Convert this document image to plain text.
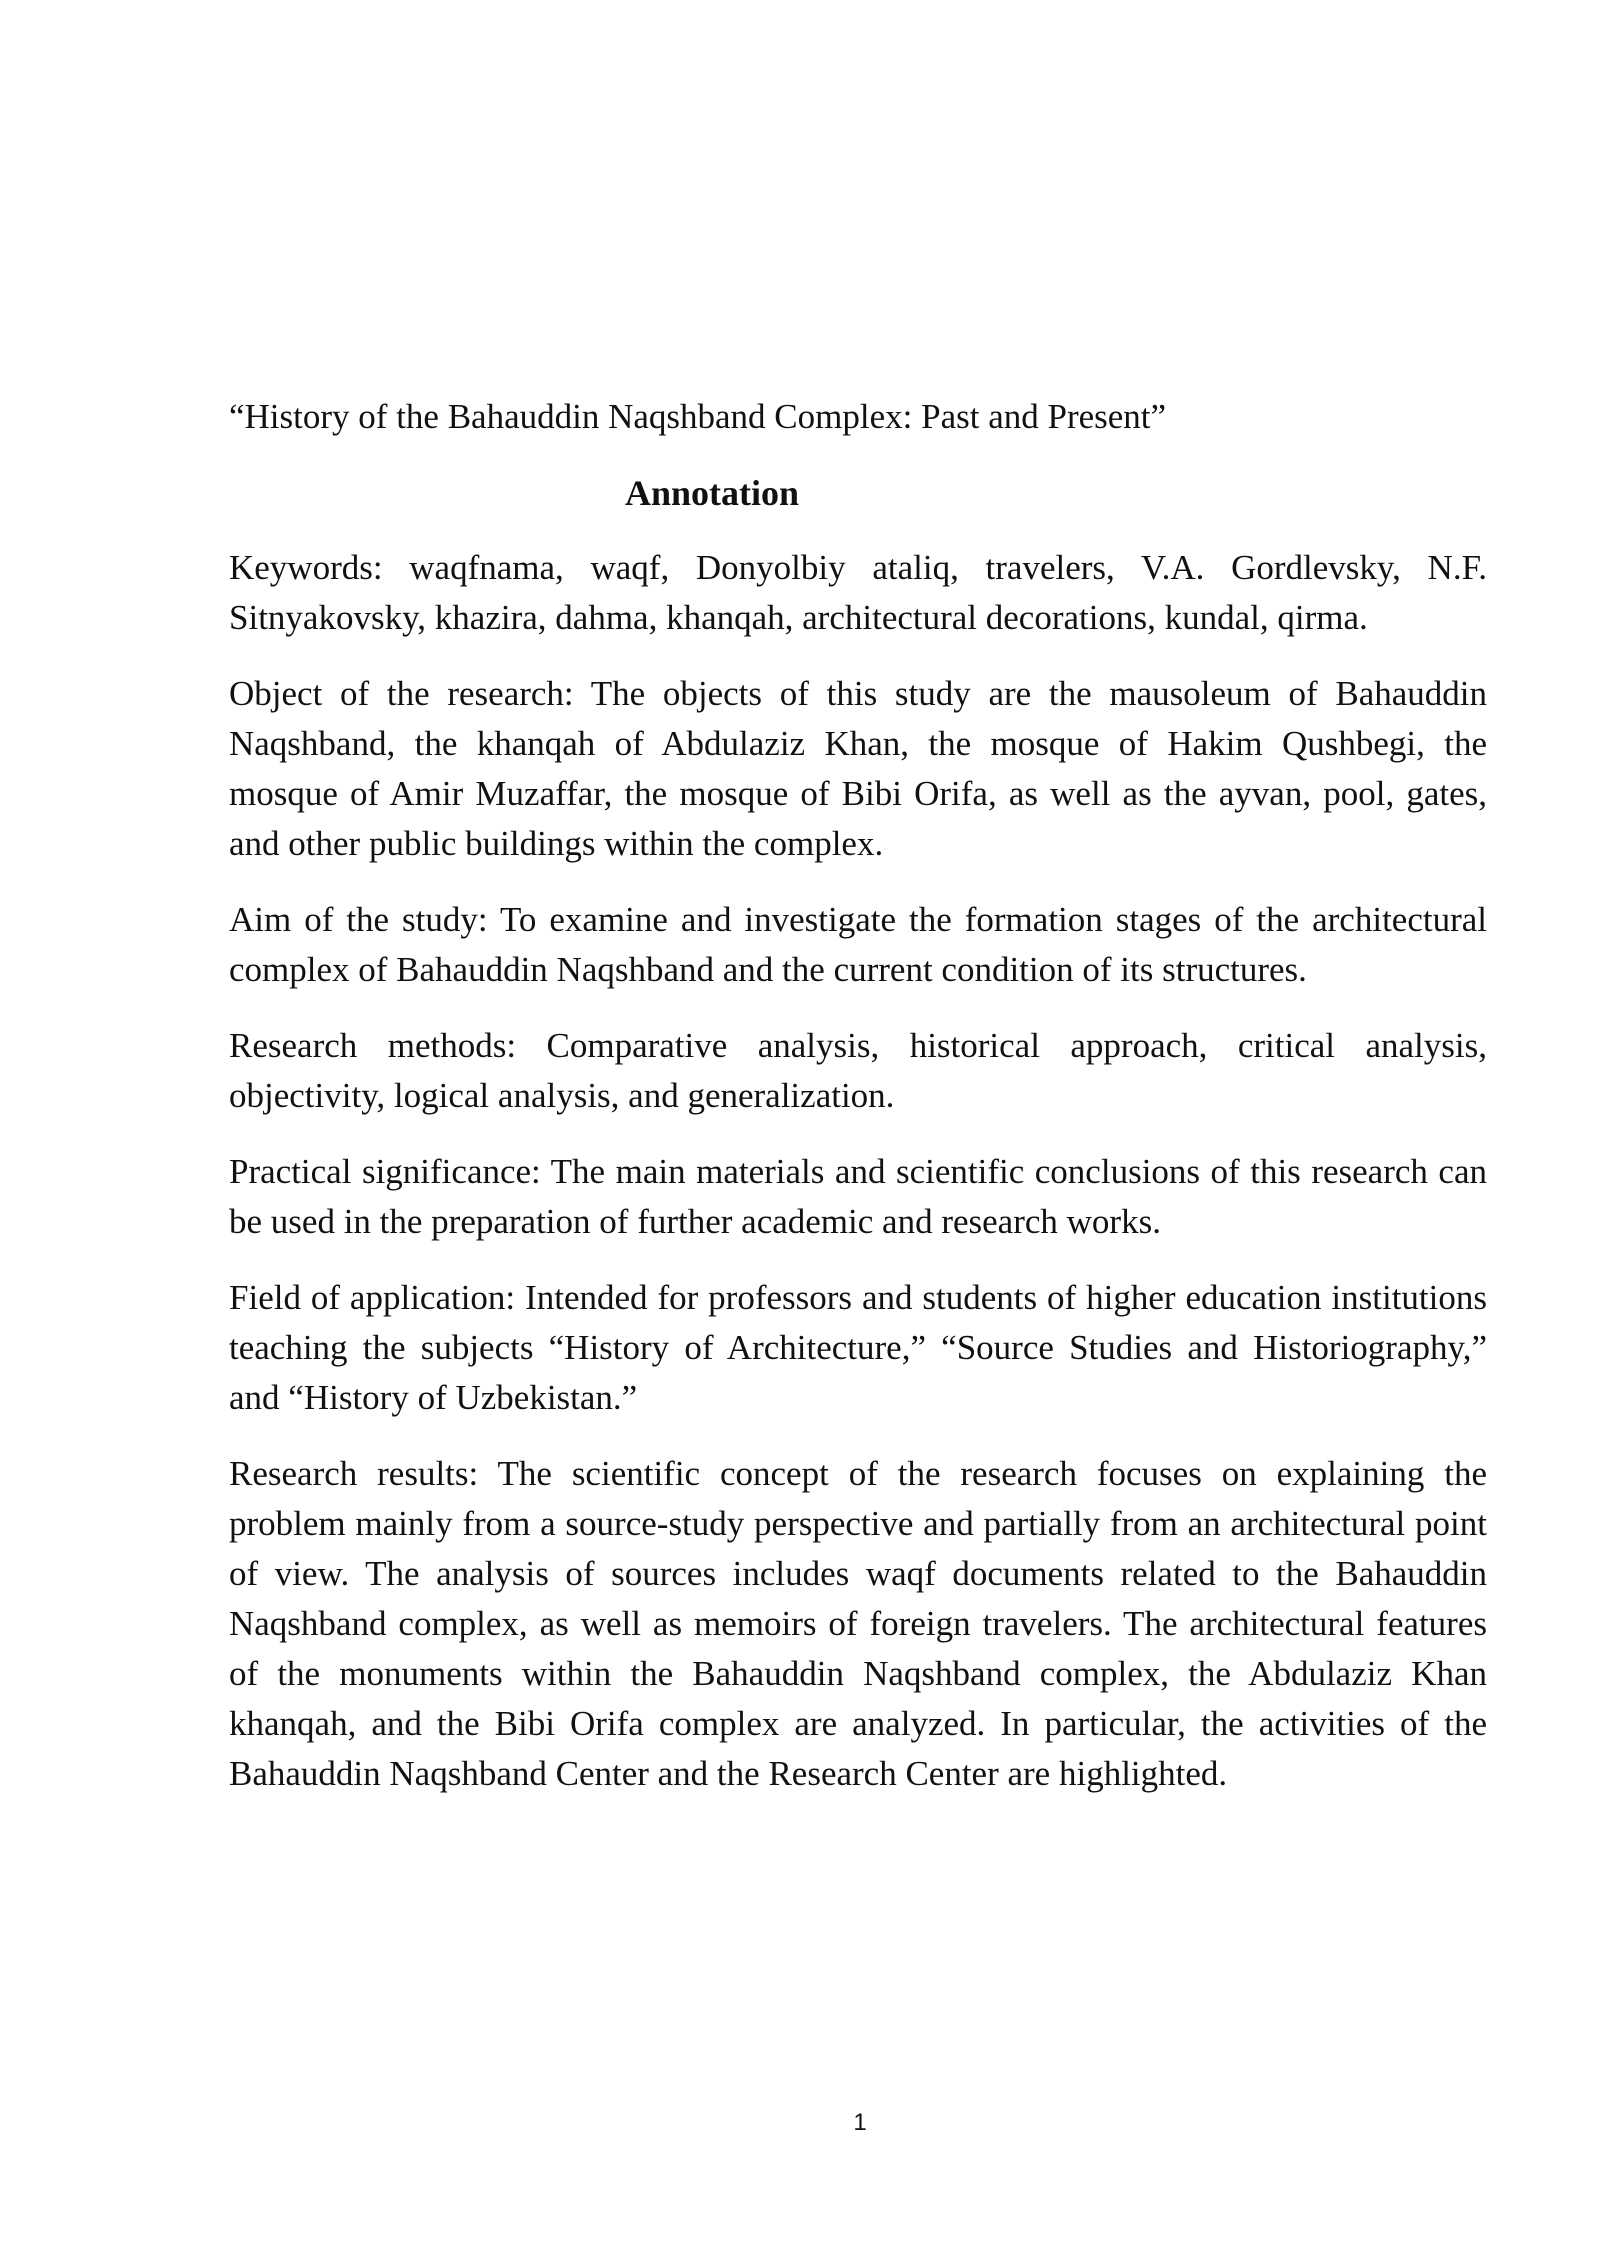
“History of the Bahauddin Naqshband Complex: Past and Present”
Annotation

Keywords: waqfnama, waqf, Donyolbiy ataliq, travelers, V.A. Gordlevsky, N.F. Sitnyakovsky, khazira, dahma, khanqah, architectural decorations, kundal, qirma.

Object of the research: The objects of this study are the mausoleum of Bahauddin Naqshband, the khanqah of Abdulaziz Khan, the mosque of Hakim Qushbegi, the mosque of Amir Muzaffar, the mosque of Bibi Orifa, as well as the ayvan, pool, gates, and other public buildings within the complex.

Aim of the study: To examine and investigate the formation stages of the architectural complex of Bahauddin Naqshband and the current condition of its structures.

Research methods: Comparative analysis, historical approach, critical analysis, objectivity, logical analysis, and generalization.

Practical significance: The main materials and scientific conclusions of this research can be used in the preparation of further academic and research works.

Field of application: Intended for professors and students of higher education institutions teaching the subjects “History of Architecture,” “Source Studies and Historiography,” and “History of Uzbekistan.”

Research results: The scientific concept of the research focuses on explaining the problem mainly from a source-study perspective and partially from an architectural point of view. The analysis of sources includes waqf documents related to the Bahauddin Naqshband complex, as well as memoirs of foreign travelers. The architectural features of the monuments within the Bahauddin Naqshband complex, the Abdulaziz Khan khanqah, and the Bibi Orifa complex are analyzed. In particular, the activities of the Bahauddin Naqshband Center and the Research Center are highlighted.

1
